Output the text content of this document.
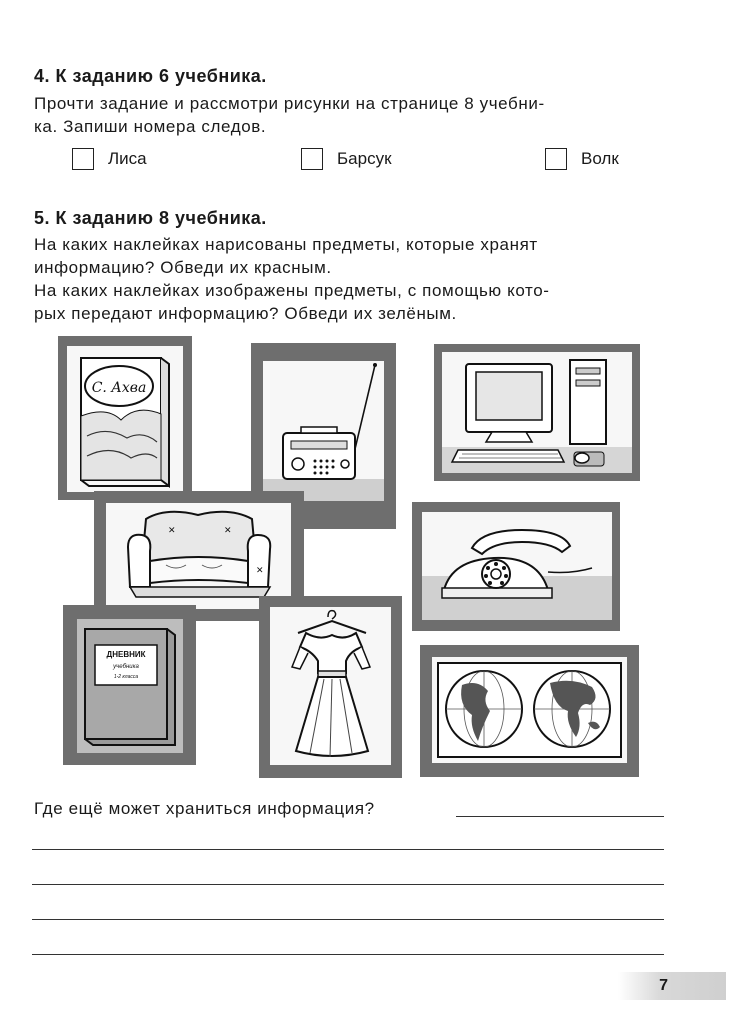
4. К заданию 6 учебника.
Прочти задание и рассмотри рисунки на странице 8 учебни-
ка. Запиши номера следов.
Лиса	Барсук	Волк
5. К заданию 8 учебника.
На каких наклейках нарисованы предметы, которые хранят
информацию? Обведи их красным.
На каких наклейках изображены предметы, с помощью кото-
рых передают информацию? Обведи их зелёным.
С. Ахва
✕	✕
✕
ДНЕВНИК
учебника
1-2 класса
Где ещё может храниться информация?
7
